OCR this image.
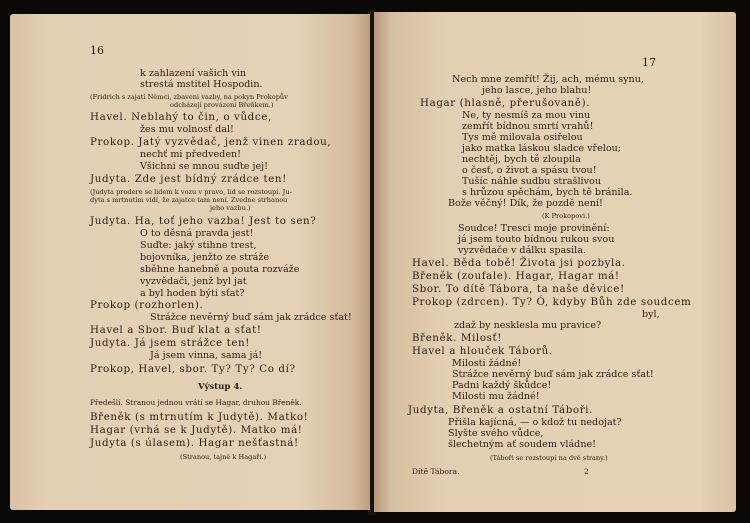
16
k zahlazení vašich vin
strestá mstitel Hospodin.
(Fridrich s zajatí Němci, zbaveni vazby, na pokyn Prokopův
odcházejí provázeni Břeňkem.)
Havel. Neblahý to čin, o vůdce,
žes mu volnosť dal!
Prokop. Jatý vyzvědač, jenž vinen zradou,
nechť mi předveden!
Všichni se mnou suďte jej!
Judyta. Zde jest bídný zrádce ten!
(Judyta prodere se lidem k vozu v pravo, lid se rozstoupí. Ju-
dyta s mrtnutím vidí, že zajatce tam není. Zvedne strhanou
jeho vazbu.)
Judyta. Ha, toť jeho vazba! Jest to sen?
O to děsná pravda jest!
Suďte: jaký stihne trest,
bojovníka, jenžto ze stráže
sběhne hanebně a pouta rozváže
vyzvědači, jenž byl jat
a byl hoden býti sťat?
Prokop (rozhorlen).
Strážce nevěrný buď sám jak zrádce sťat!
Havel a Sbor. Buď klat a sťat!
Judyta. Já jsem strážce ten!
Já jsem vinna, sama já!
Prokop, Havel, sbor. Ty? Ty? Co dí?
Výstup 4.
Předešlí. Stranou jednou vrátí se Hagar, druhou Břeněk.
Břeněk (s mtrnutím k Judytě). Matko!
Hagar (vrhá se k Judytě). Matko má!
Judyta (s úlasem). Hagar nešťastná!
(Stranou, tajně k Hagaři.)
17
Nech mne zemřít! Žij, ach, mému synu,
jeho lasce, jeho blahu!
Hagar (hlasně, přerušovaně).
Ne, ty nesmíš za mou vinu
zemřít bídnou smrtí vrahů!
Tys mě milovala osiřelou
jako matka láskou sladce vřelou;
nechtěj, bych tě zloupila
o česť, o život a spásu tvou!
Tušíc náhle sudbu strašlivou
s hrůzou spěchám, bych tě bránila.
Bože věčný! Dík, že pozdě není!
(K Prokopovi.)
Soudce! Tresci moje provinění:
já jsem touto bídnou rukou svou
vyzvědače v dálku spasila.
Havel. Běda tobě! Života jsi pozbyla.
Břeněk (zoufale). Hagar, Hagar má!
Sbor. To dítě Tábora, ta naše děvice!
Prokop (zdrcen). Ty? Ó, kdyby Bůh zde soudcem
byl,
zdaž by nesklesla mu pravice?
Břeněk. Milosť!
Havel a hlouček Táborů.
Milosti žádné!
Strážce nevěrný buď sám jak zrádce sťat!
Padni každý škůdce!
Milosti mu žádné!
Judyta, Břeněk a ostatní Táboři.
Přišla kajícná, — o kdož tu nedojat?
Slyšte svého vůdce,
šlechetným ať soudem vládne!
(Táboři se rozstoupí na dvě strany.)
Dítě Tábora.	2
